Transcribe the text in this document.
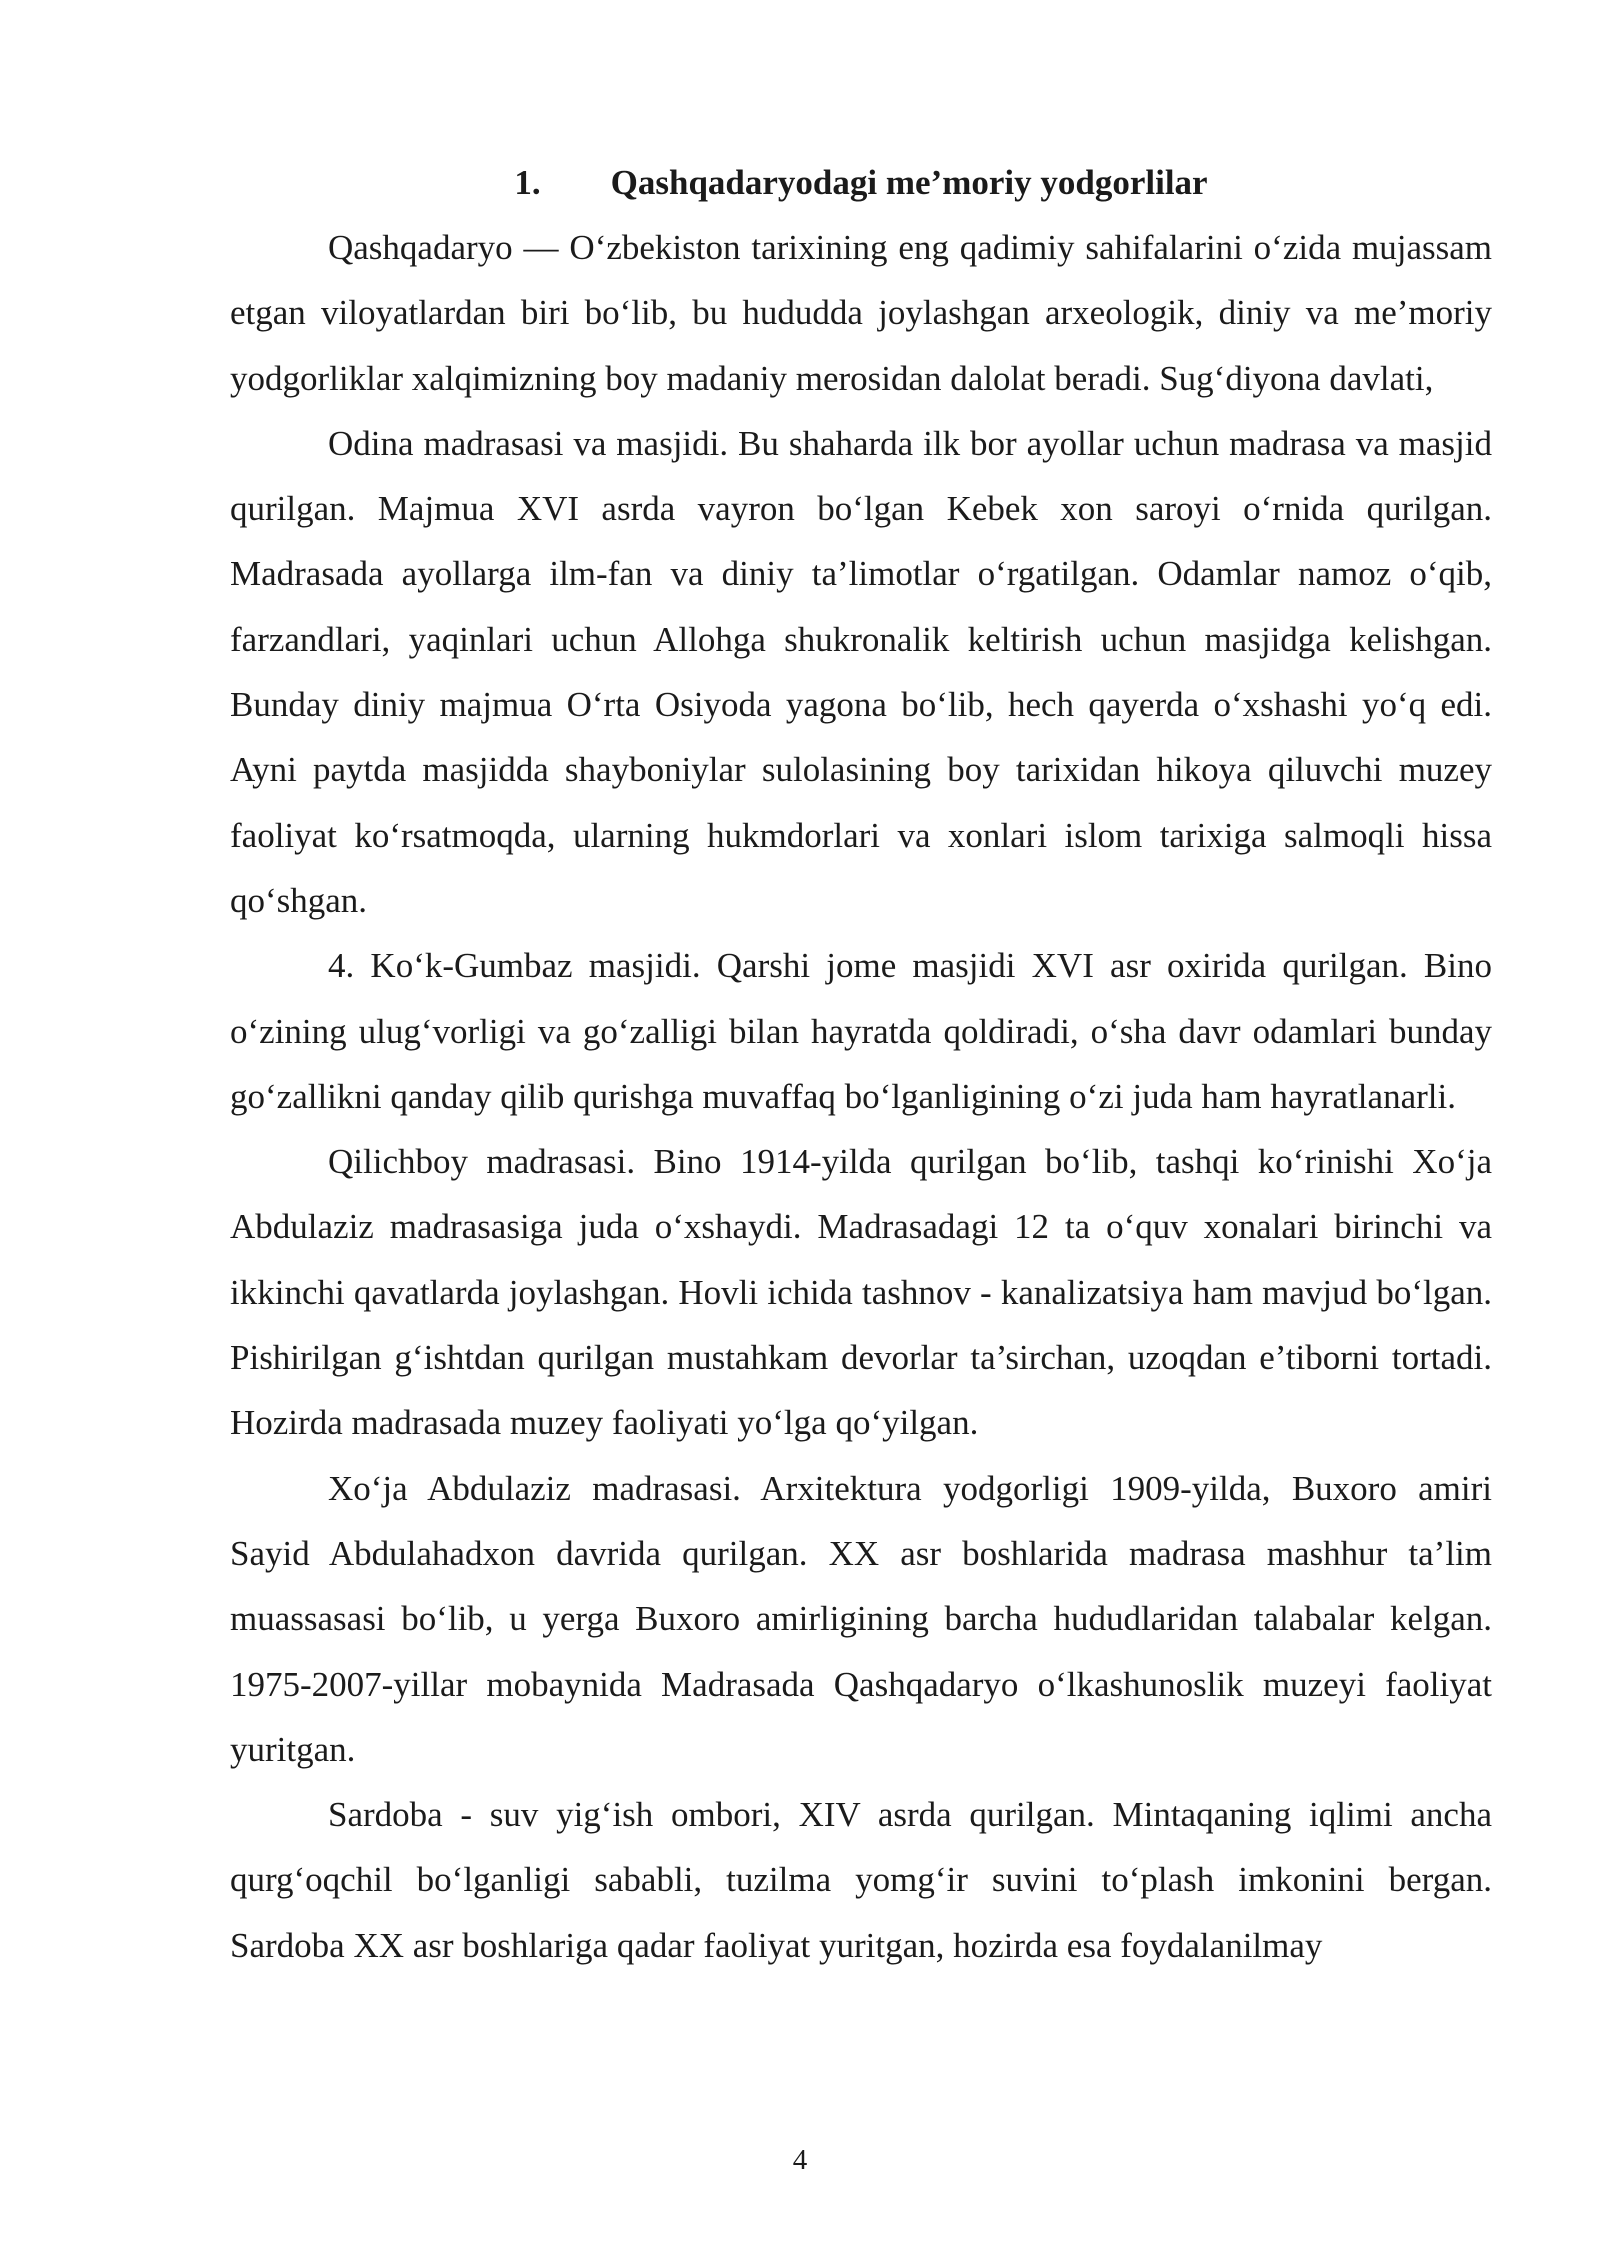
1. Qashqadaryodagi me’moriy yodgorlilar

Qashqadaryo — O‘zbekiston tarixining eng qadimiy sahifalarini o‘zida mujassam etgan viloyatlardan biri bo‘lib, bu hududda joylashgan arxeologik, diniy va me’moriy yodgorliklar xalqimizning boy madaniy merosidan dalolat beradi. Sug‘diyona davlati,

Odina madrasasi va masjidi. Bu shaharda ilk bor ayollar uchun madrasa va masjid qurilgan. Majmua XVI asrda vayron bo‘lgan Kebek xon saroyi o‘rnida qurilgan. Madrasada ayollarga ilm-fan va diniy ta’limotlar o‘rgatilgan. Odamlar namoz o‘qib, farzandlari, yaqinlari uchun Allohga shukronalik keltirish uchun masjidga kelishgan. Bunday diniy majmua O‘rta Osiyoda yagona bo‘lib, hech qayerda o‘xshashi yo‘q edi. Ayni paytda masjidda shayboniylar sulolasining boy tarixidan hikoya qiluvchi muzey faoliyat ko‘rsatmoqda, ularning hukmdorlari va xonlari islom tarixiga salmoqli hissa qo‘shgan.

4. Ko‘k-Gumbaz masjidi. Qarshi jome masjidi XVI asr oxirida qurilgan. Bino o‘zining ulug‘vorligi va go‘zalligi bilan hayratda qoldiradi, o‘sha davr odamlari bunday go‘zallikni qanday qilib qurishga muvaffaq bo‘lganligining o‘zi juda ham hayratlanarli.

Qilichboy madrasasi. Bino 1914-yilda qurilgan bo‘lib, tashqi ko‘rinishi Xo‘ja Abdulaziz madrasasiga juda o‘xshaydi. Madrasadagi 12 ta o‘quv xonalari birinchi va ikkinchi qavatlarda joylashgan. Hovli ichida tashnov - kanalizatsiya ham mavjud bo‘lgan. Pishirilgan g‘ishtdan qurilgan mustahkam devorlar ta’sirchan, uzoqdan e’tiborni tortadi. Hozirda madrasada muzey faoliyati yo‘lga qo‘yilgan.

Xo‘ja Abdulaziz madrasasi. Arxitektura yodgorligi 1909-yilda, Buxoro amiri Sayid Abdulahadxon davrida qurilgan. XX asr boshlarida madrasa mashhur ta’lim muassasasi bo‘lib, u yerga Buxoro amirligining barcha hududlaridan talabalar kelgan. 1975-2007-yillar mobaynida Madrasada Qashqadaryo o‘lkashunoslik muzeyi faoliyat yuritgan.

Sardoba - suv yig‘ish ombori, XIV asrda qurilgan. Mintaqaning iqlimi ancha qurg‘oqchil bo‘lganligi sababli, tuzilma yomg‘ir suvini to‘plash imkonini bergan. Sardoba XX asr boshlariga qadar faoliyat yuritgan, hozirda esa foydalanilmay

4
